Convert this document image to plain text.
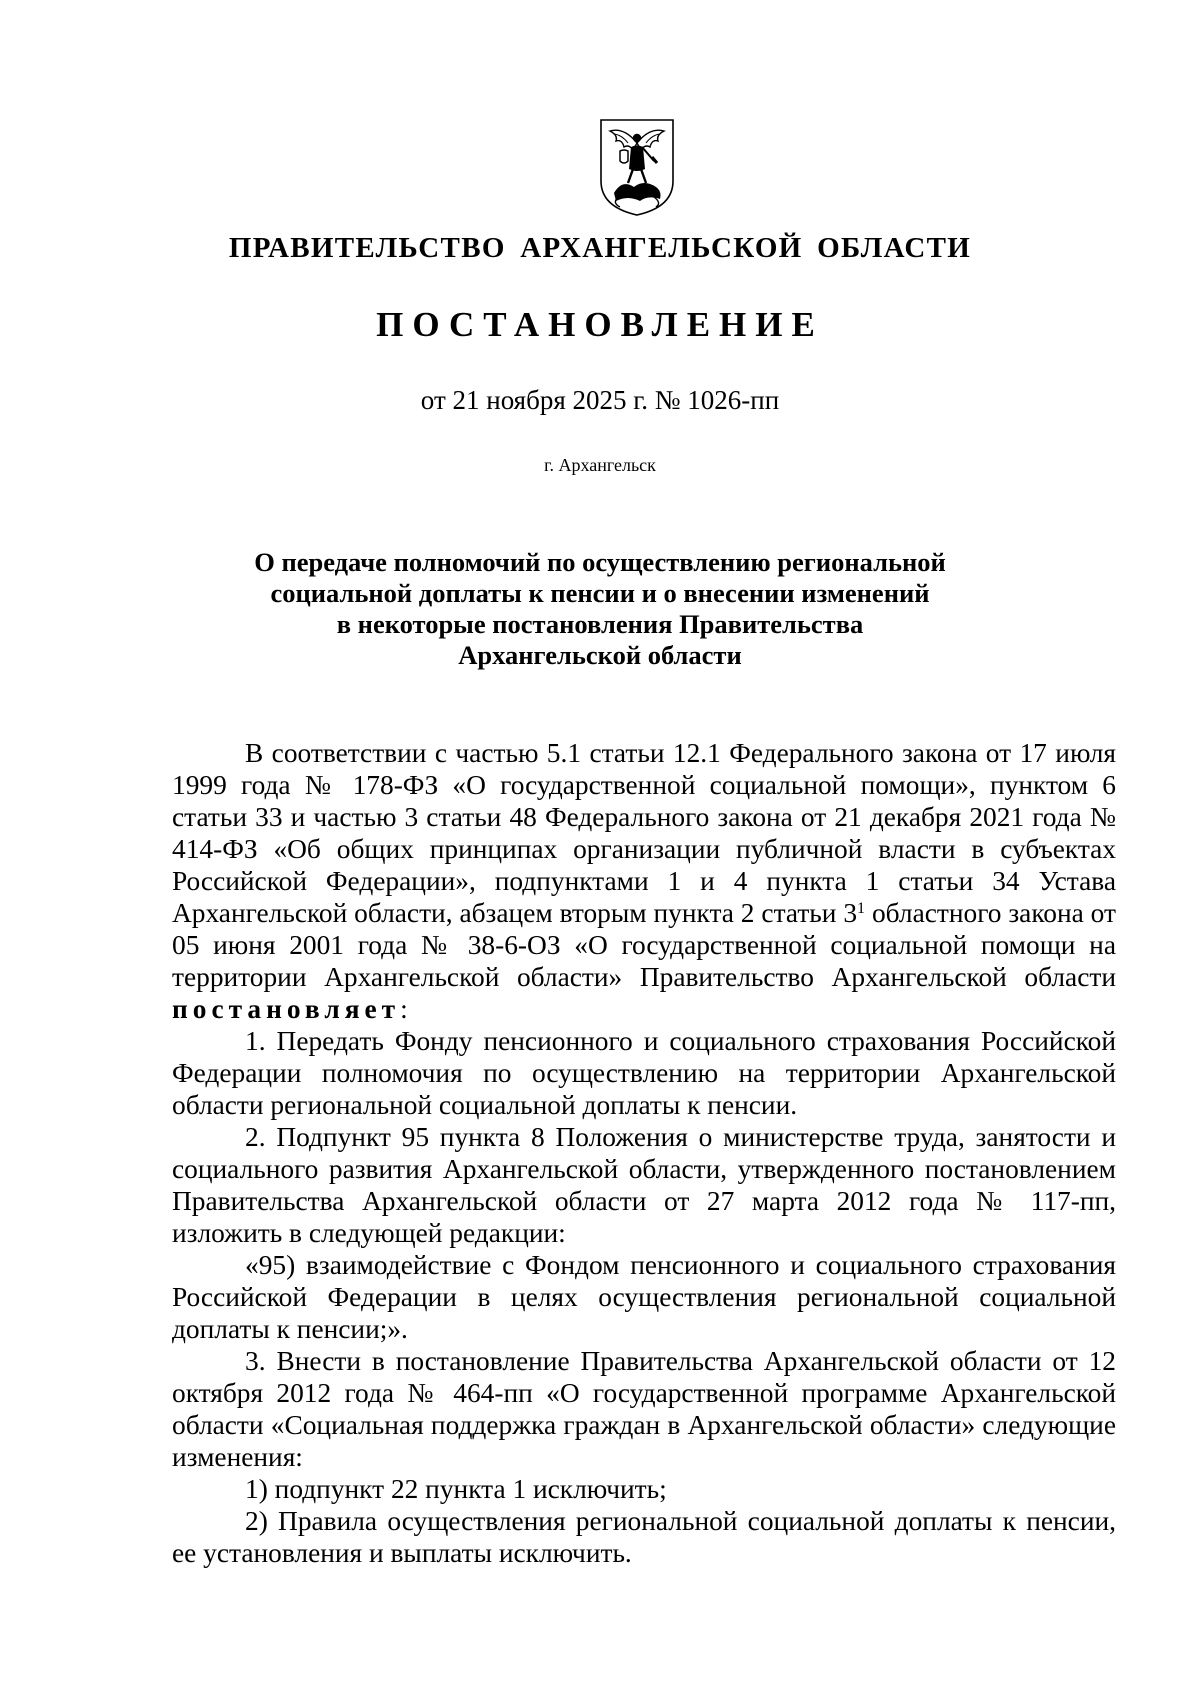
ПРАВИТЕЛЬСТВО АРХАНГЕЛЬСКОЙ ОБЛАСТИ
ПОСТАНОВЛЕНИЕ
от 21 ноября 2025 г. № 1026-пп
г. Архангельск
О передаче полномочий по осуществлению региональной
социальной доплаты к пенсии и о внесении изменений
в некоторые постановления Правительства
Архангельской области

В соответствии с частью 5.1 статьи 12.1 Федерального закона от 17 июля 1999 года № 178-ФЗ «О государственной социальной помощи», пунктом 6 статьи 33 и частью 3 статьи 48 Федерального закона от 21 декабря 2021 года № 414-ФЗ «Об общих принципах организации публичной власти в субъектах Российской Федерации», подпунктами 1 и 4 пункта 1 статьи 34 Устава Архангельской области, абзацем вторым пункта 2 статьи $3^1$ областного закона от 05 июня 2001 года № 38-6-ОЗ «О государственной социальной помощи на территории Архангельской области» Правительство Архангельской области постановляет:

1. Передать Фонду пенсионного и социального страхования Российской Федерации полномочия по осуществлению на территории Архангельской области региональной социальной доплаты к пенсии.

2. Подпункт 95 пункта 8 Положения о министерстве труда, занятости и социального развития Архангельской области, утвержденного постановлением Правительства Архангельской области от 27 марта 2012 года № 117-пп, изложить в следующей редакции:

«95) взаимодействие с Фондом пенсионного и социального страхования Российской Федерации в целях осуществления региональной социальной доплаты к пенсии;».

3. Внести в постановление Правительства Архангельской области от 12 октября 2012 года № 464-пп «О государственной программе Архангельской области «Социальная поддержка граждан в Архангельской области» следующие изменения:

1) подпункт 22 пункта 1 исключить;

2) Правила осуществления региональной социальной доплаты к пенсии, ее установления и выплаты исключить.
